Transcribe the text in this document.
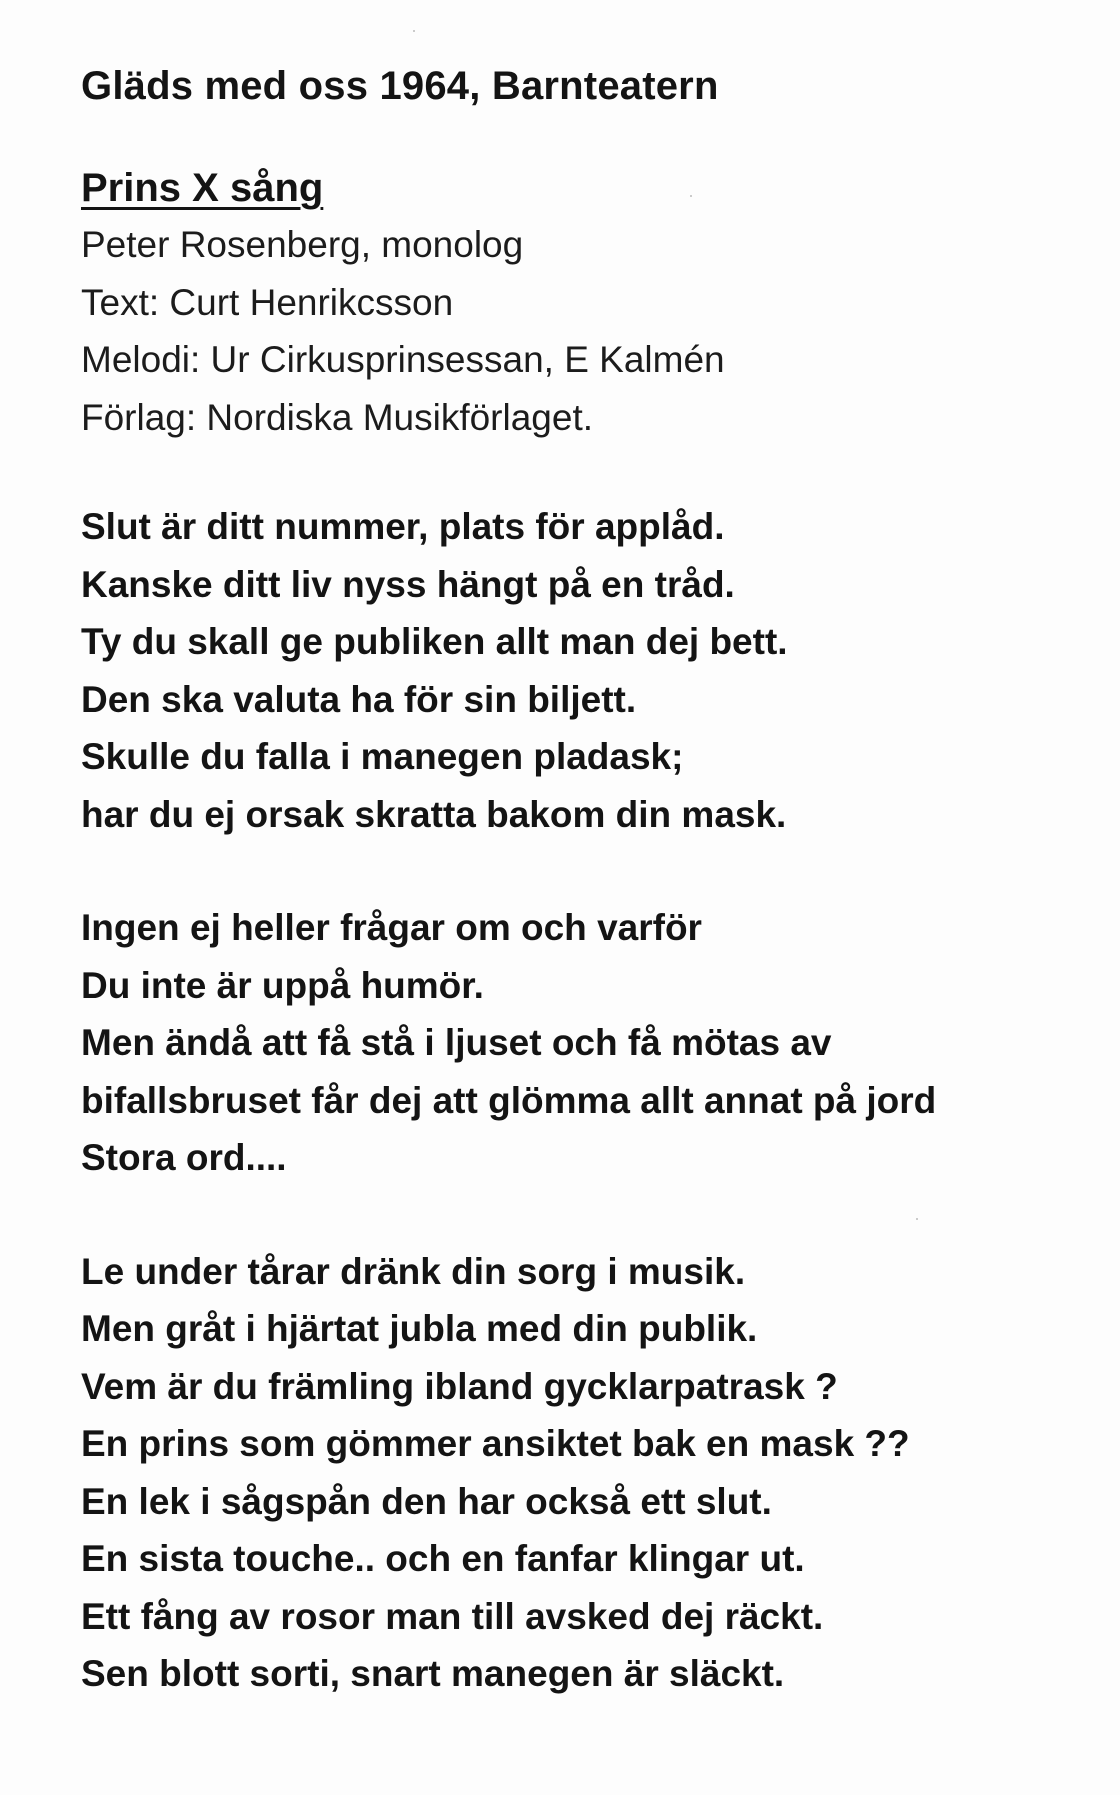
Gläds med oss 1964, Barnteatern
Prins X sång
Peter Rosenberg, monolog
Text: Curt Henrikcsson
Melodi: Ur Cirkusprinsessan, E Kalmén
Förlag: Nordiska Musikförlaget.
Slut är ditt nummer, plats för applåd.
Kanske ditt liv nyss hängt på en tråd.
Ty du skall ge publiken allt man dej bett.
Den ska valuta ha för sin biljett.
Skulle du falla i manegen pladask;
har du ej orsak skratta bakom din mask.
Ingen ej heller frågar om och varför
Du inte är uppå humör.
Men ändå att få stå i ljuset och få mötas av
bifallsbruset får dej att glömma allt annat på jord
Stora ord....
Le under tårar dränk din sorg i musik.
Men gråt i hjärtat jubla med din publik.
Vem är du främling ibland gycklarpatrask ?
En prins som gömmer ansiktet bak en mask ??
En lek i sågspån den har också ett slut.
En sista touche.. och en fanfar klingar ut.
Ett fång av rosor man till avsked dej räckt.
Sen blott sorti, snart manegen är släckt.
